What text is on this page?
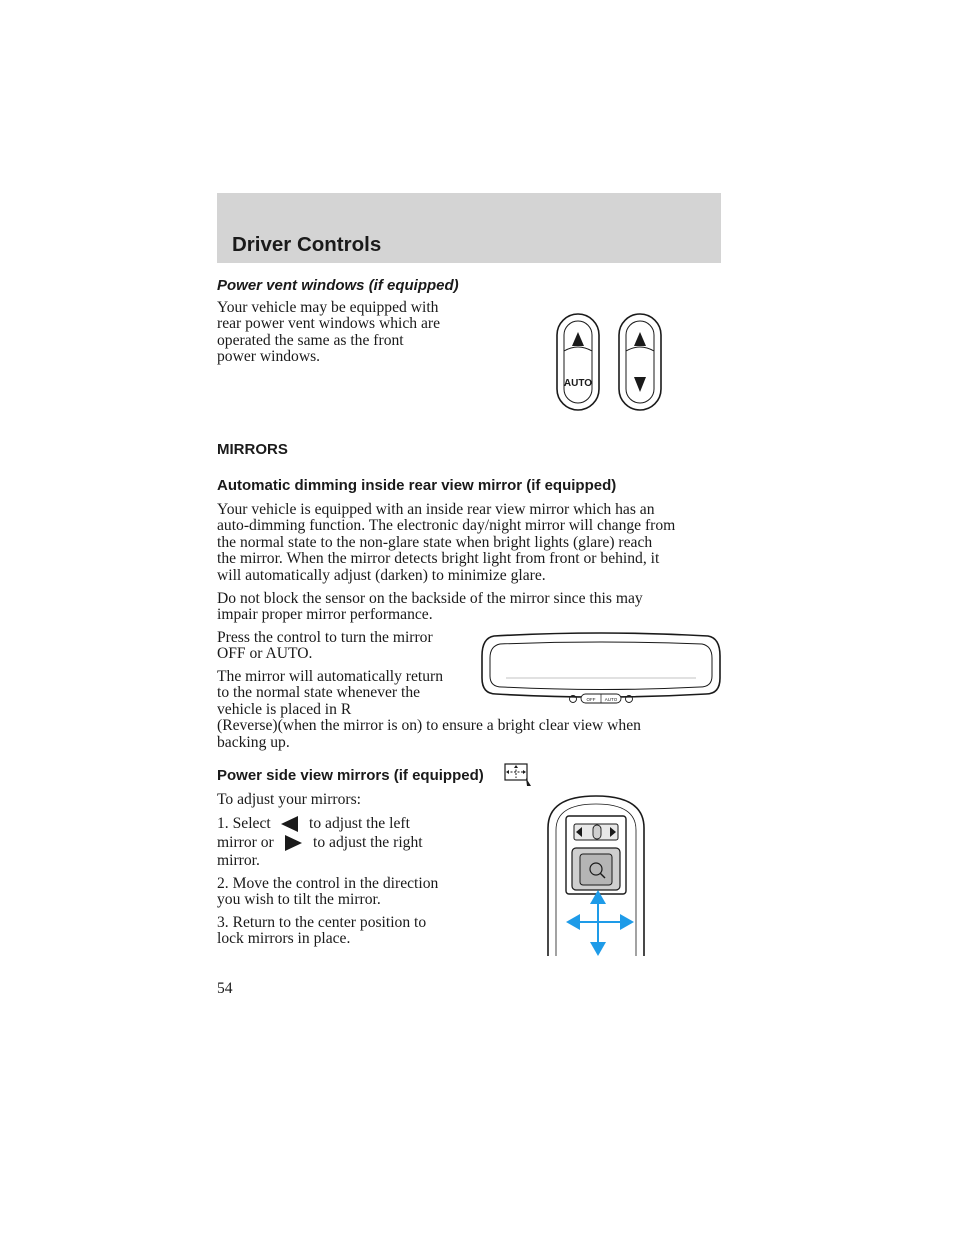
Driver Controls
Power vent windows (if equipped)
Your vehicle may be equipped with
rear power vent windows which are
operated the same as the front
power windows.
AUTO
MIRRORS
Automatic dimming inside rear view mirror (if equipped)
Your vehicle is equipped with an inside rear view mirror which has an
auto-dimming function. The electronic day/night mirror will change from
the normal state to the non-glare state when bright lights (glare) reach
the mirror. When the mirror detects bright light from front or behind, it
will automatically adjust (darken) to minimize glare.
Do not block the sensor on the backside of the mirror since this may
impair proper mirror performance.
Press the control to turn the mirror
OFF or AUTO.
The mirror will automatically return
to the normal state whenever the
vehicle is placed in R
(Reverse)(when the mirror is on) to ensure a bright clear view when
backing up.
OFF AUTO
Power side view mirrors (if equipped)
To adjust your mirrors:
1. Select to adjust the left
mirror or	to adjust the right
mirror.
2. Move the control in the direction
you wish to tilt the mirror.
3. Return to the center position to
lock mirrors in place.
54
